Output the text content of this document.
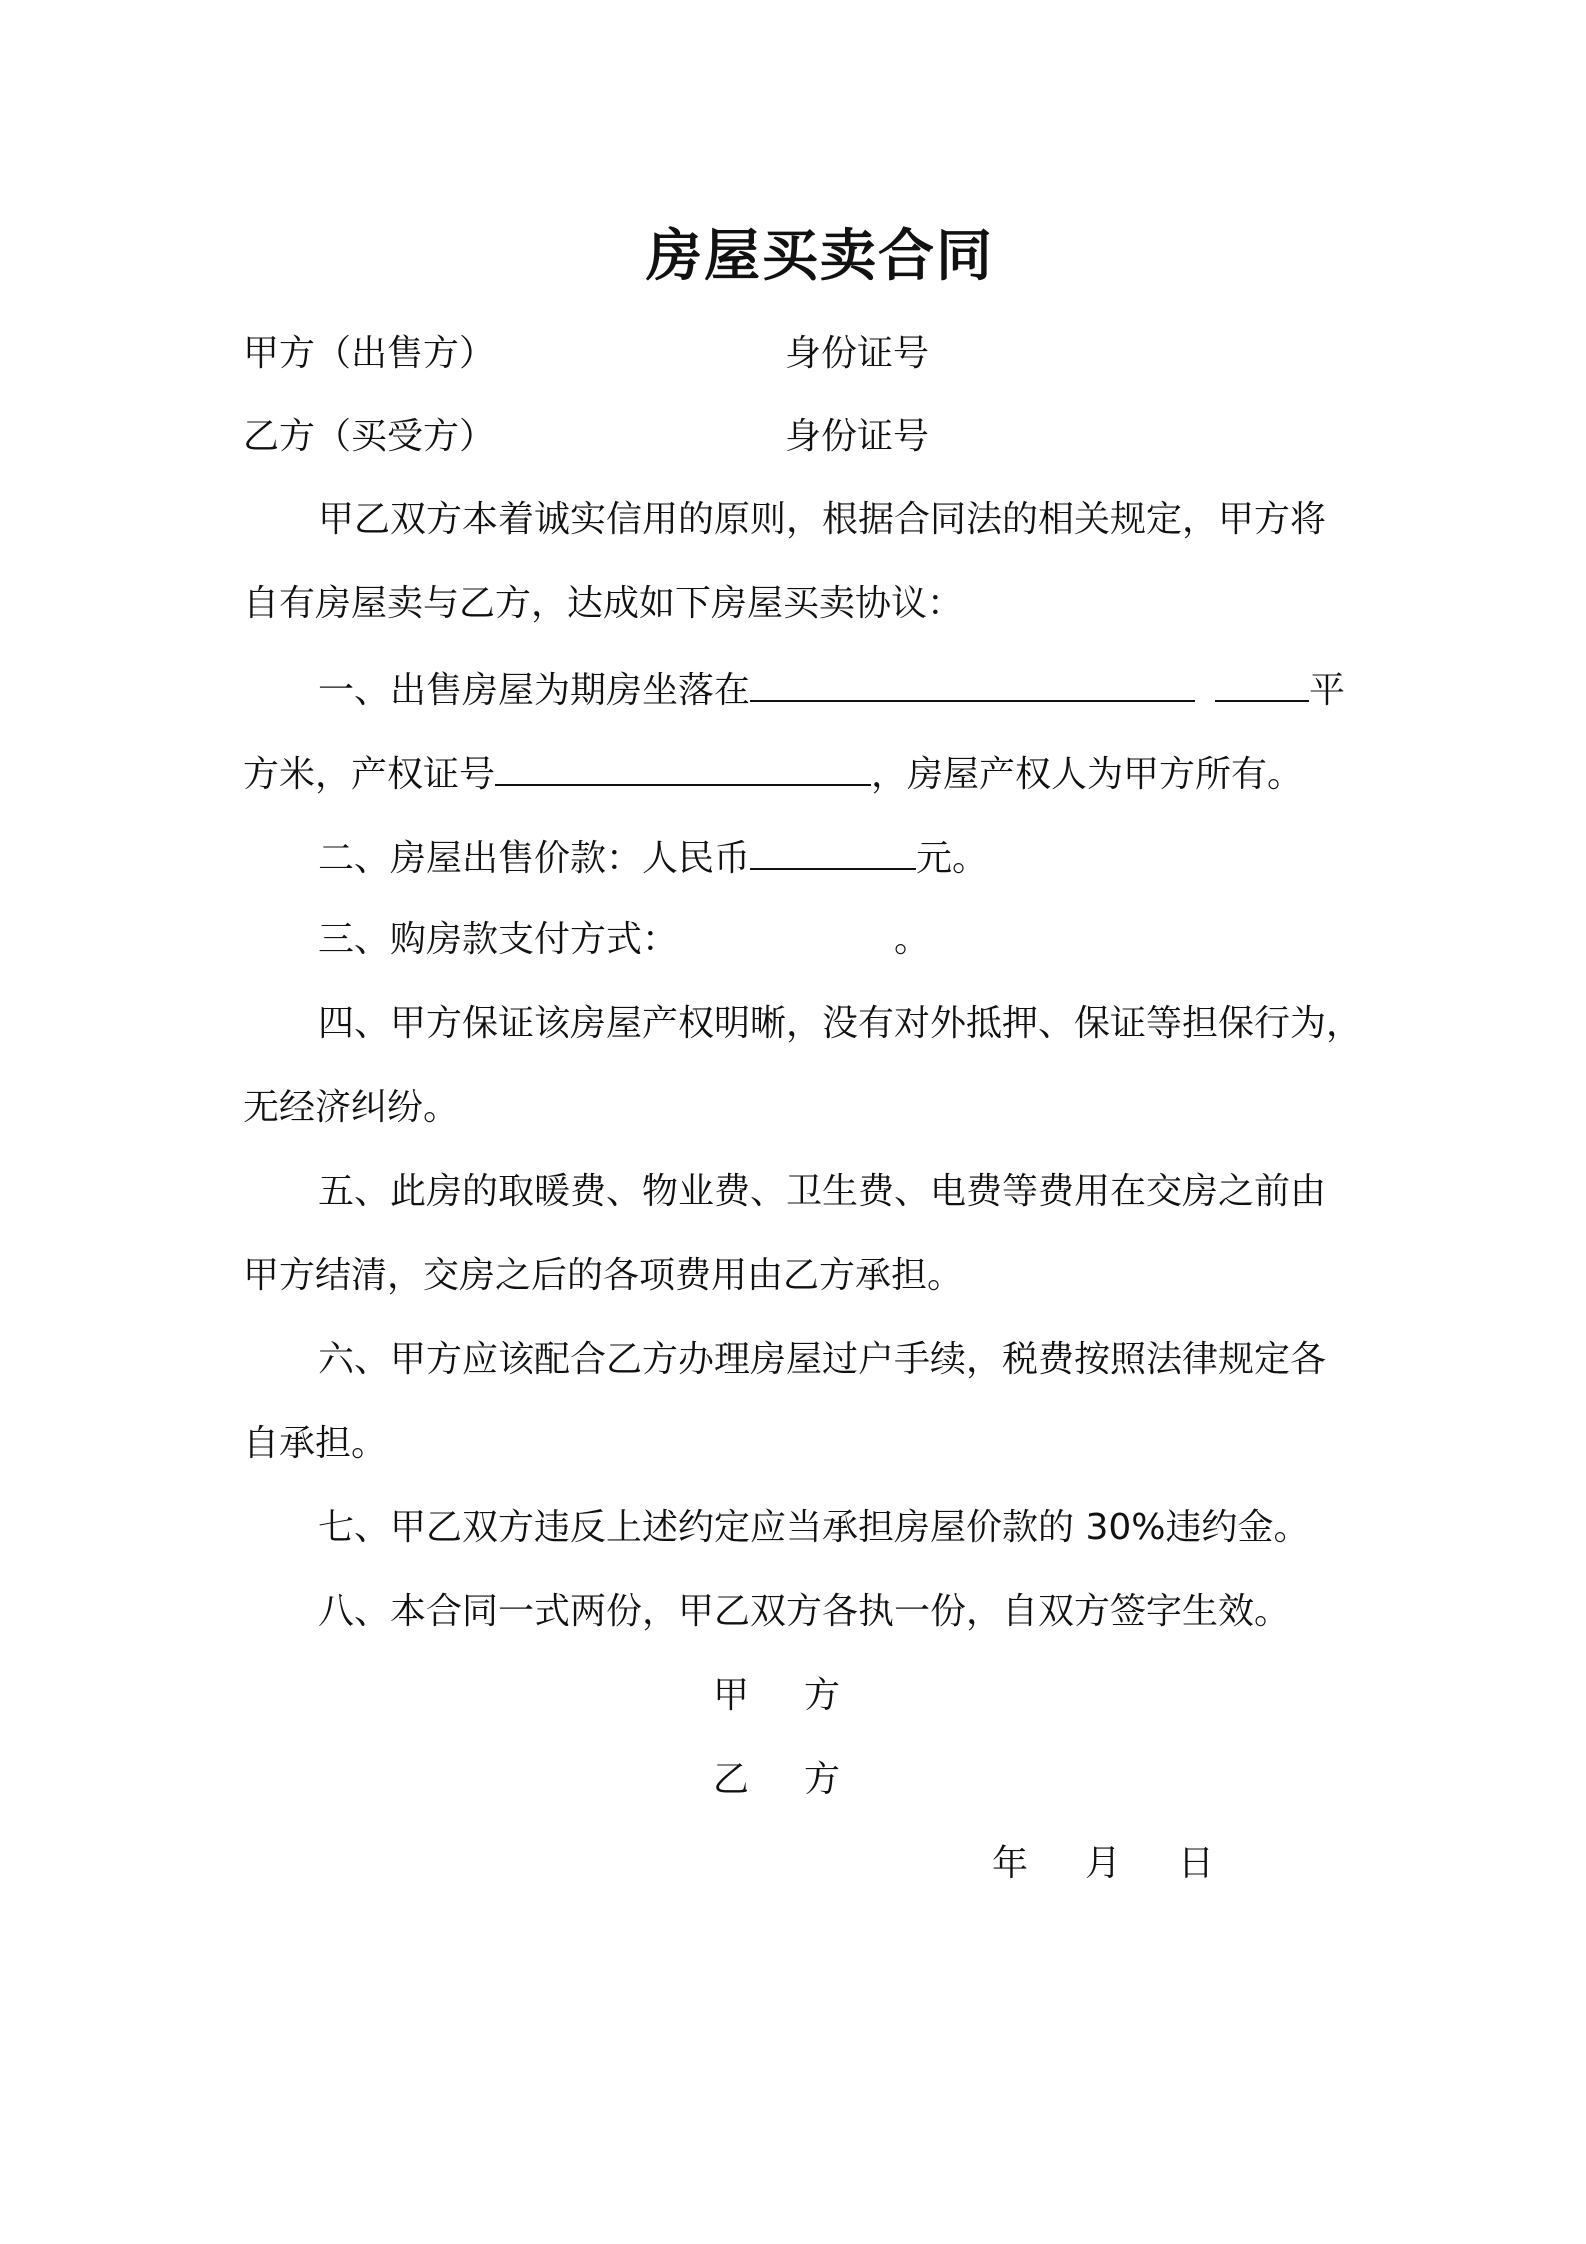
房屋买卖合同
甲方（出售方）	身份证号
乙方（买受方）	身份证号
甲乙双方本着诚实信用的原则，根据合同法的相关规定，甲方将
自有房屋卖与乙方，达成如下房屋买卖协议：
一、出售房屋为期房坐落在	平
方米，产权证号	，房屋产权人为甲方所有。
二、房屋出售价款：人民币	元。
三、购房款支付方式：	。
四、甲方保证该房屋产权明晰，没有对外抵押、保证等担保行为，
无经济纠纷。
五、此房的取暖费、物业费、卫生费、电费等费用在交房之前由
甲方结清，交房之后的各项费用由乙方承担。
六、甲方应该配合乙方办理房屋过户手续，税费按照法律规定各
自承担。
七、甲乙双方违反上述约定应当承担房屋价款的 30%违约金。
八、本合同一式两份，甲乙双方各执一份，自双方签字生效。
甲 方
乙 方
年 月 日
